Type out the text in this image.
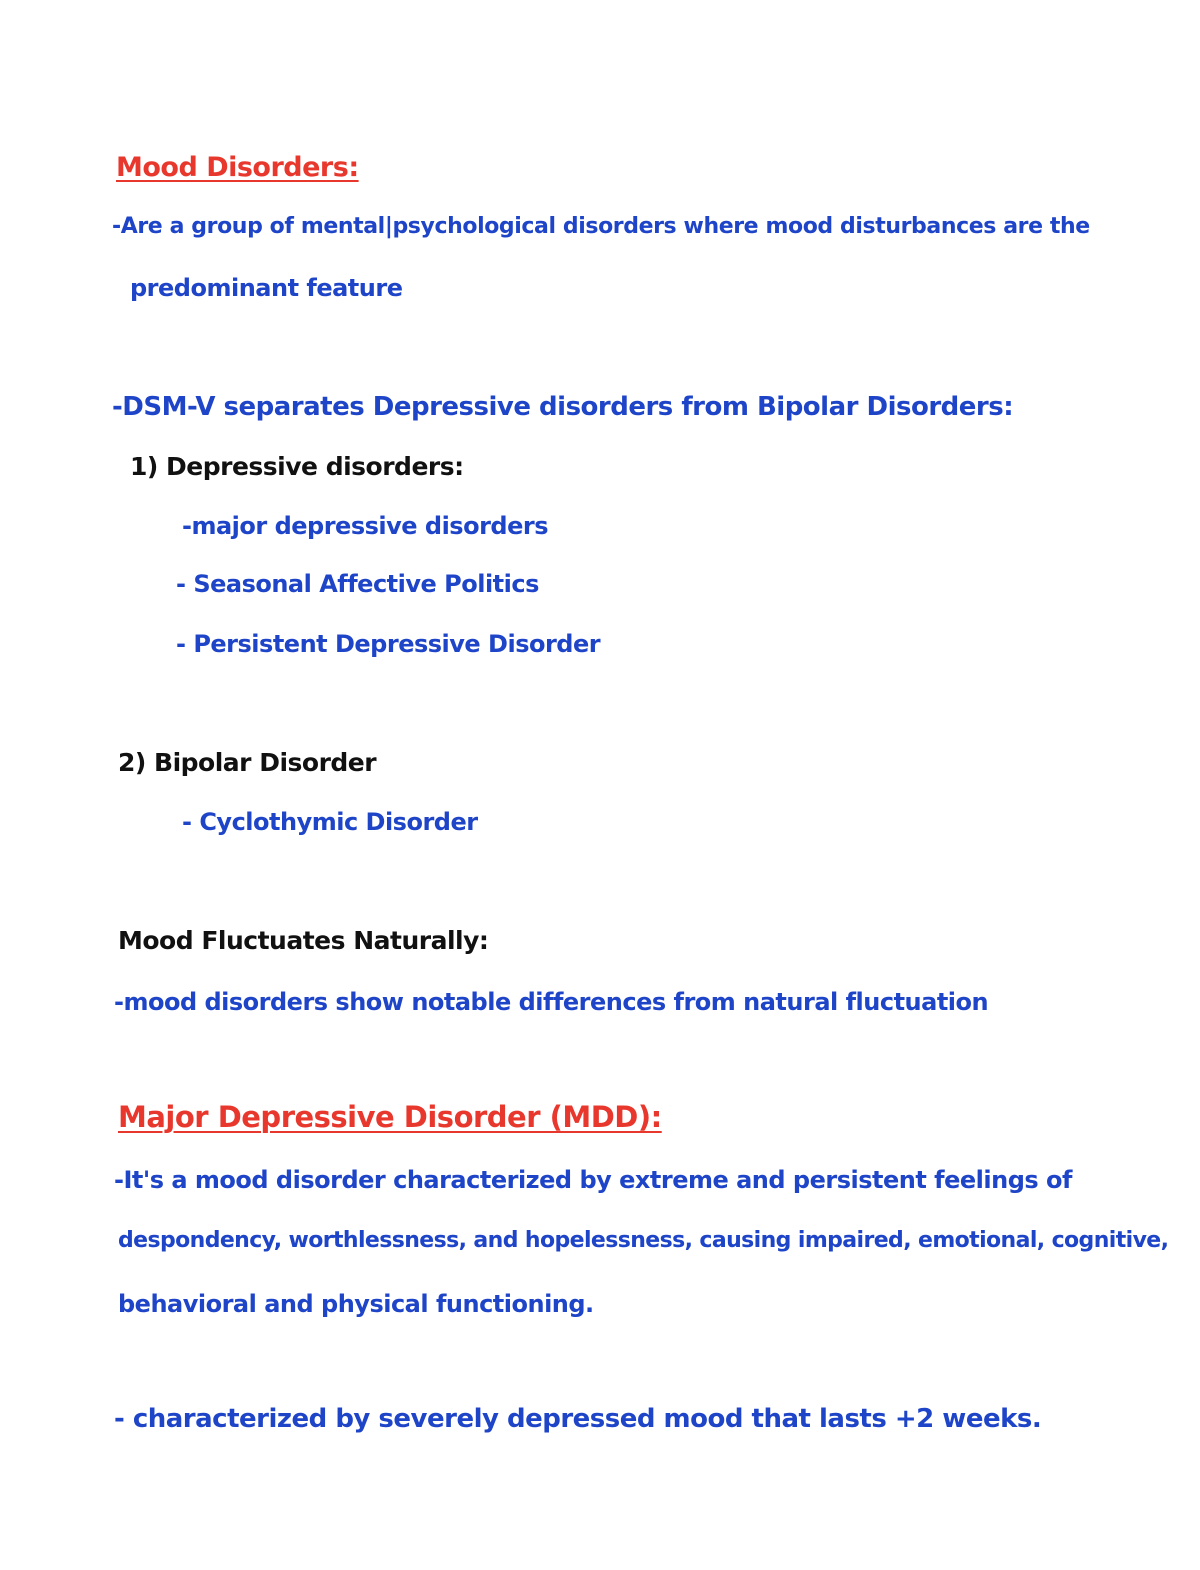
Mood Disorders:
-Are a group of mental|psychological disorders where mood disturbances are the
predominant feature
-DSM-V separates Depressive disorders from Bipolar Disorders:
1) Depressive disorders:
-major depressive disorders
- Seasonal Affective Politics
- Persistent Depressive Disorder
2) Bipolar Disorder
- Cyclothymic Disorder
Mood Fluctuates Naturally:
-mood disorders show notable differences from natural fluctuation
Major Depressive Disorder (MDD):
-It's a mood disorder characterized by extreme and persistent feelings of
despondency, worthlessness, and hopelessness, causing impaired, emotional, cognitive,
behavioral and physical functioning.
- characterized by severely depressed mood that lasts +2 weeks.
